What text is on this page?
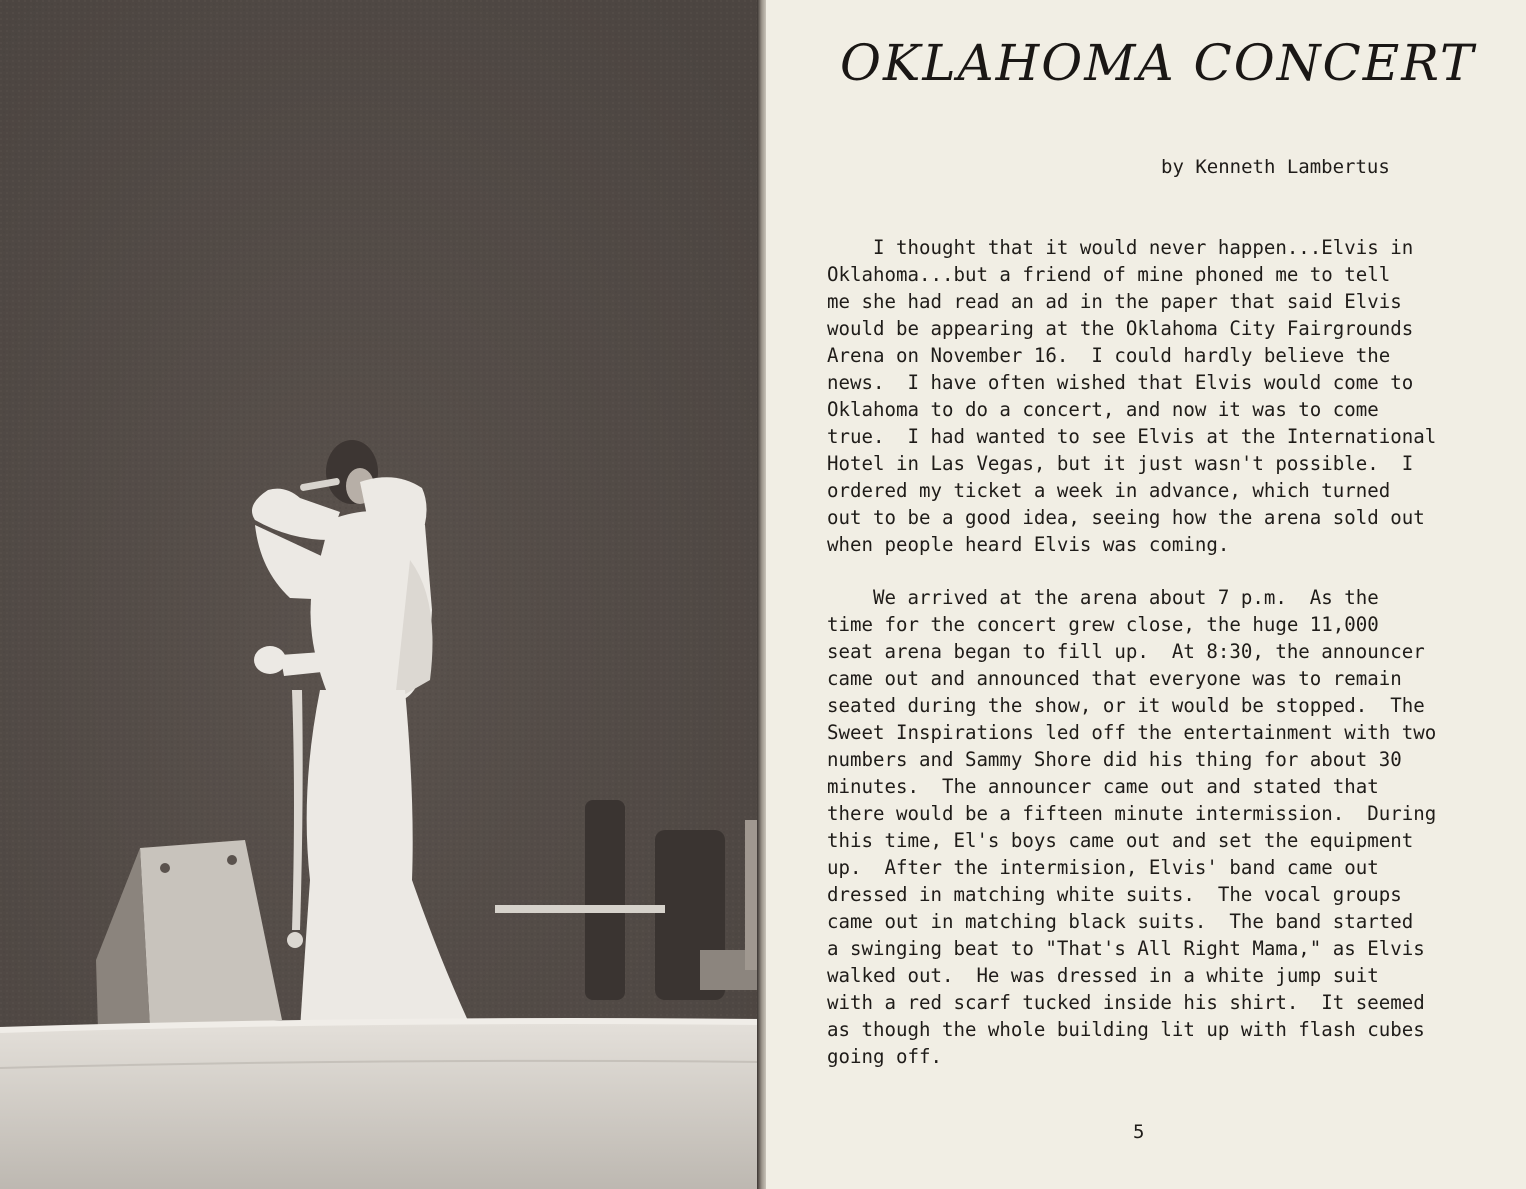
OKLAHOMA CONCERT
by Kenneth Lambertus
I thought that it would never happen...Elvis in
Oklahoma...but a friend of mine phoned me to tell
me she had read an ad in the paper that said Elvis
would be appearing at the Oklahoma City Fairgrounds
Arena on November 16.  I could hardly believe the
news.  I have often wished that Elvis would come to
Oklahoma to do a concert, and now it was to come
true.  I had wanted to see Elvis at the International
Hotel in Las Vegas, but it just wasn't possible.  I
ordered my ticket a week in advance, which turned
out to be a good idea, seeing how the arena sold out
when people heard Elvis was coming.
We arrived at the arena about 7 p.m.  As the
time for the concert grew close, the huge 11,000
seat arena began to fill up.  At 8:30, the announcer
came out and announced that everyone was to remain
seated during the show, or it would be stopped.  The
Sweet Inspirations led off the entertainment with two
numbers and Sammy Shore did his thing for about 30
minutes.  The announcer came out and stated that
there would be a fifteen minute intermission.  During
this time, El's boys came out and set the equipment
up.  After the intermision, Elvis' band came out
dressed in matching white suits.  The vocal groups
came out in matching black suits.  The band started
a swinging beat to "That's All Right Mama," as Elvis
walked out.  He was dressed in a white jump suit
with a red scarf tucked inside his shirt.  It seemed
as though the whole building lit up with flash cubes
going off.
5
